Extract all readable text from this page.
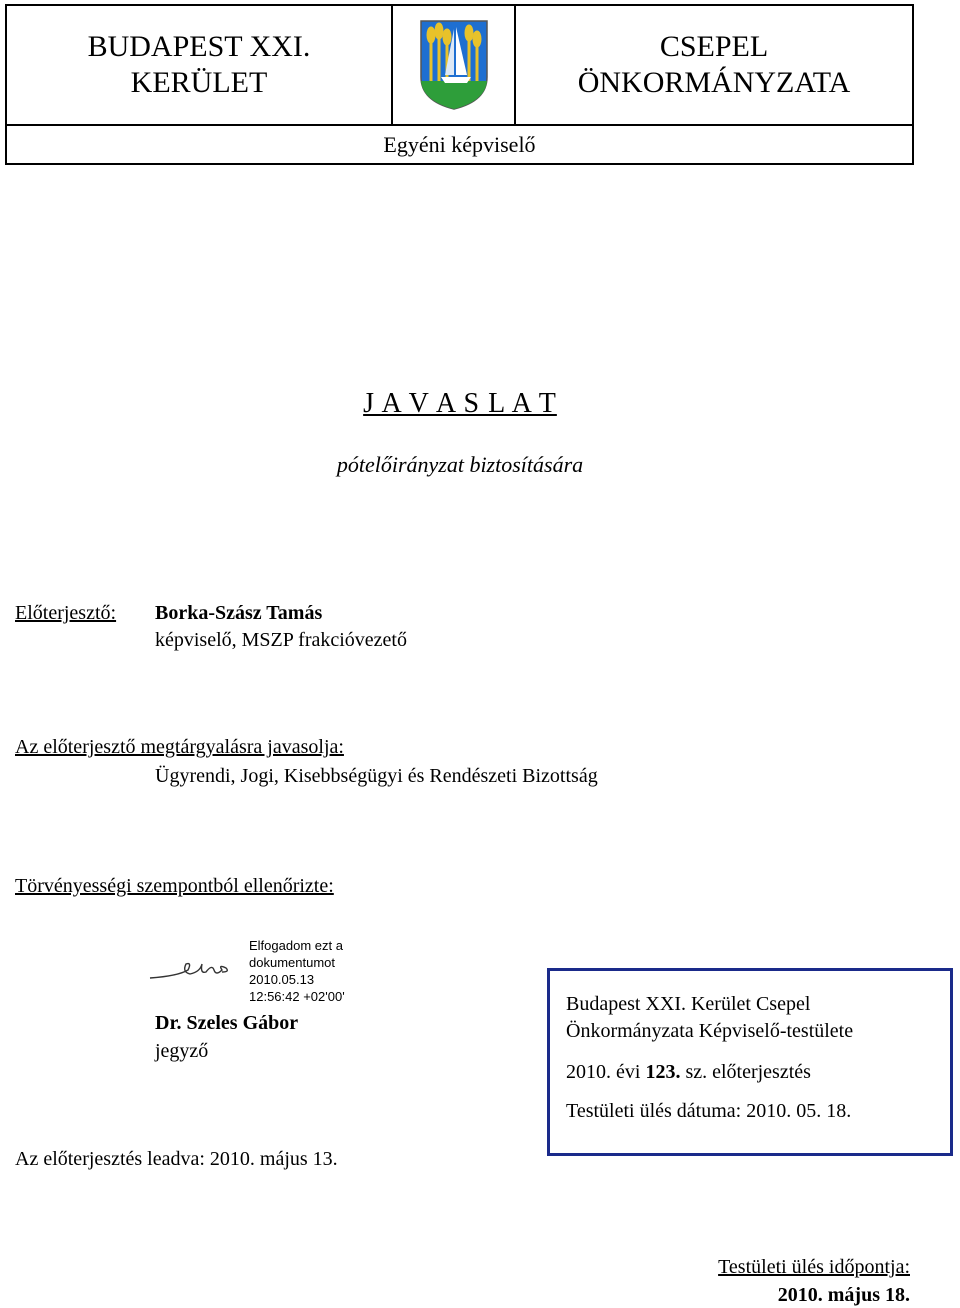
BUDAPEST XXI.
KERÜLET
CSEPEL
ÖNKORMÁNYZATA
Egyéni képviselő
J A V A S L A T
pótelőirányzat biztosítására
Előterjesztő: Borka-Szász Tamás
képviselő, MSZP frakcióvezető
Az előterjesztő megtárgyalásra javasolja:
Ügyrendi, Jogi, Kisebbségügyi és Rendészeti Bizottság
Törvényességi szempontból ellenőrizte:
Elfogadom ezt a
dokumentumot
2010.05.13
12:56:42 +02'00'
Dr. Szeles Gábor
jegyző
Az előterjesztés leadva: 2010. május 13.
Budapest XXI. Kerület Csepel
Önkormányzata Képviselő-testülete
2010. évi 123. sz. előterjesztés
Testületi ülés dátuma: 2010. 05. 18.
Testületi ülés időpontja:
2010. május 18.
